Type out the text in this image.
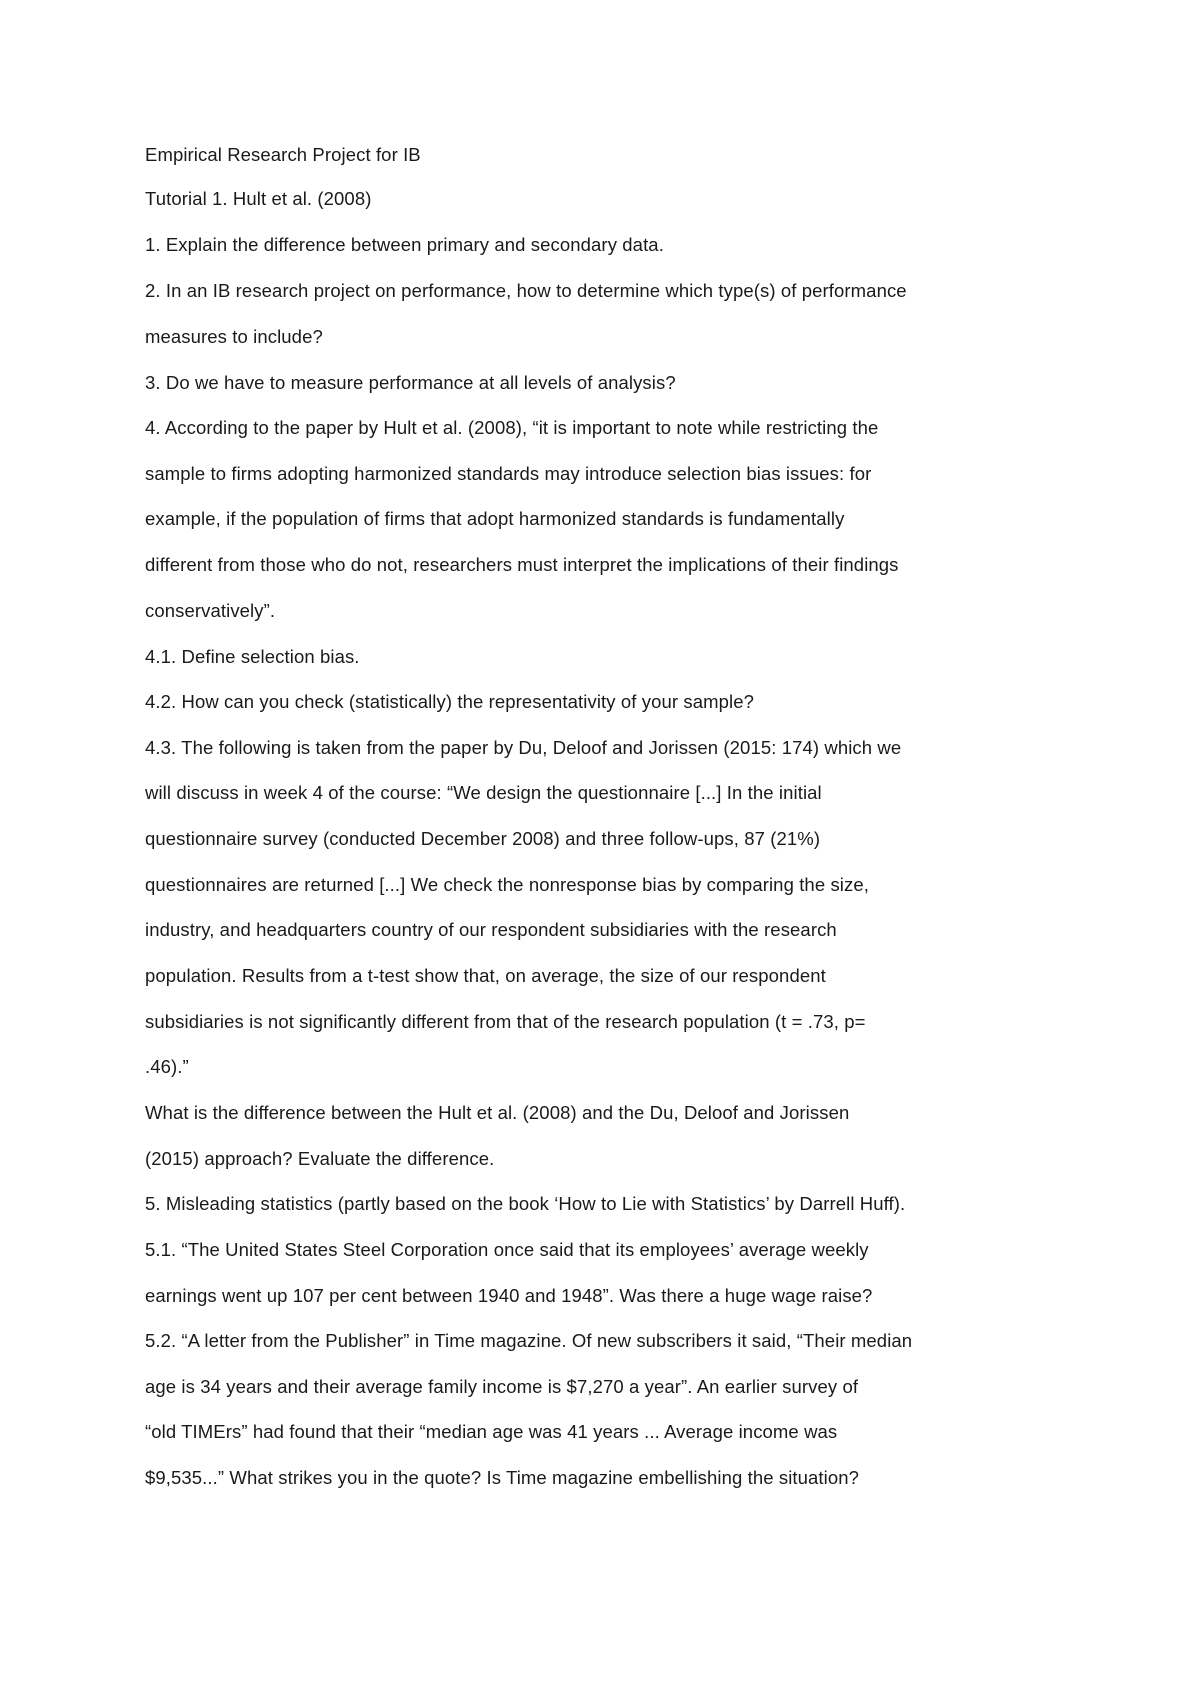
Empirical Research Project for IB
Tutorial 1. Hult et al. (2008)
1. Explain the difference between primary and secondary data.
2. In an IB research project on performance, how to determine which type(s) of performance
measures to include?
3. Do we have to measure performance at all levels of analysis?
4. According to the paper by Hult et al. (2008), “it is important to note while restricting the
sample to firms adopting harmonized standards may introduce selection bias issues: for
example, if the population of firms that adopt harmonized standards is fundamentally
different from those who do not, researchers must interpret the implications of their findings
conservatively”.
4.1. Define selection bias.
4.2. How can you check (statistically) the representativity of your sample?
4.3. The following is taken from the paper by Du, Deloof and Jorissen (2015: 174) which we
will discuss in week 4 of the course: “We design the questionnaire [...] In the initial
questionnaire survey (conducted December 2008) and three follow-ups, 87 (21%)
questionnaires are returned [...] We check the nonresponse bias by comparing the size,
industry, and headquarters country of our respondent subsidiaries with the research
population. Results from a t-test show that, on average, the size of our respondent
subsidiaries is not significantly different from that of the research population (t = .73, p=
.46).”
What is the difference between the Hult et al. (2008) and the Du, Deloof and Jorissen
(2015) approach? Evaluate the difference.
5. Misleading statistics (partly based on the book ‘How to Lie with Statistics’ by Darrell Huff).
5.1. “The United States Steel Corporation once said that its employees’ average weekly
earnings went up 107 per cent between 1940 and 1948”. Was there a huge wage raise?
5.2. “A letter from the Publisher” in Time magazine. Of new subscribers it said, “Their median
age is 34 years and their average family income is $7,270 a year”. An earlier survey of
“old TIMErs” had found that their “median age was 41 years ... Average income was
$9,535...” What strikes you in the quote? Is Time magazine embellishing the situation?
